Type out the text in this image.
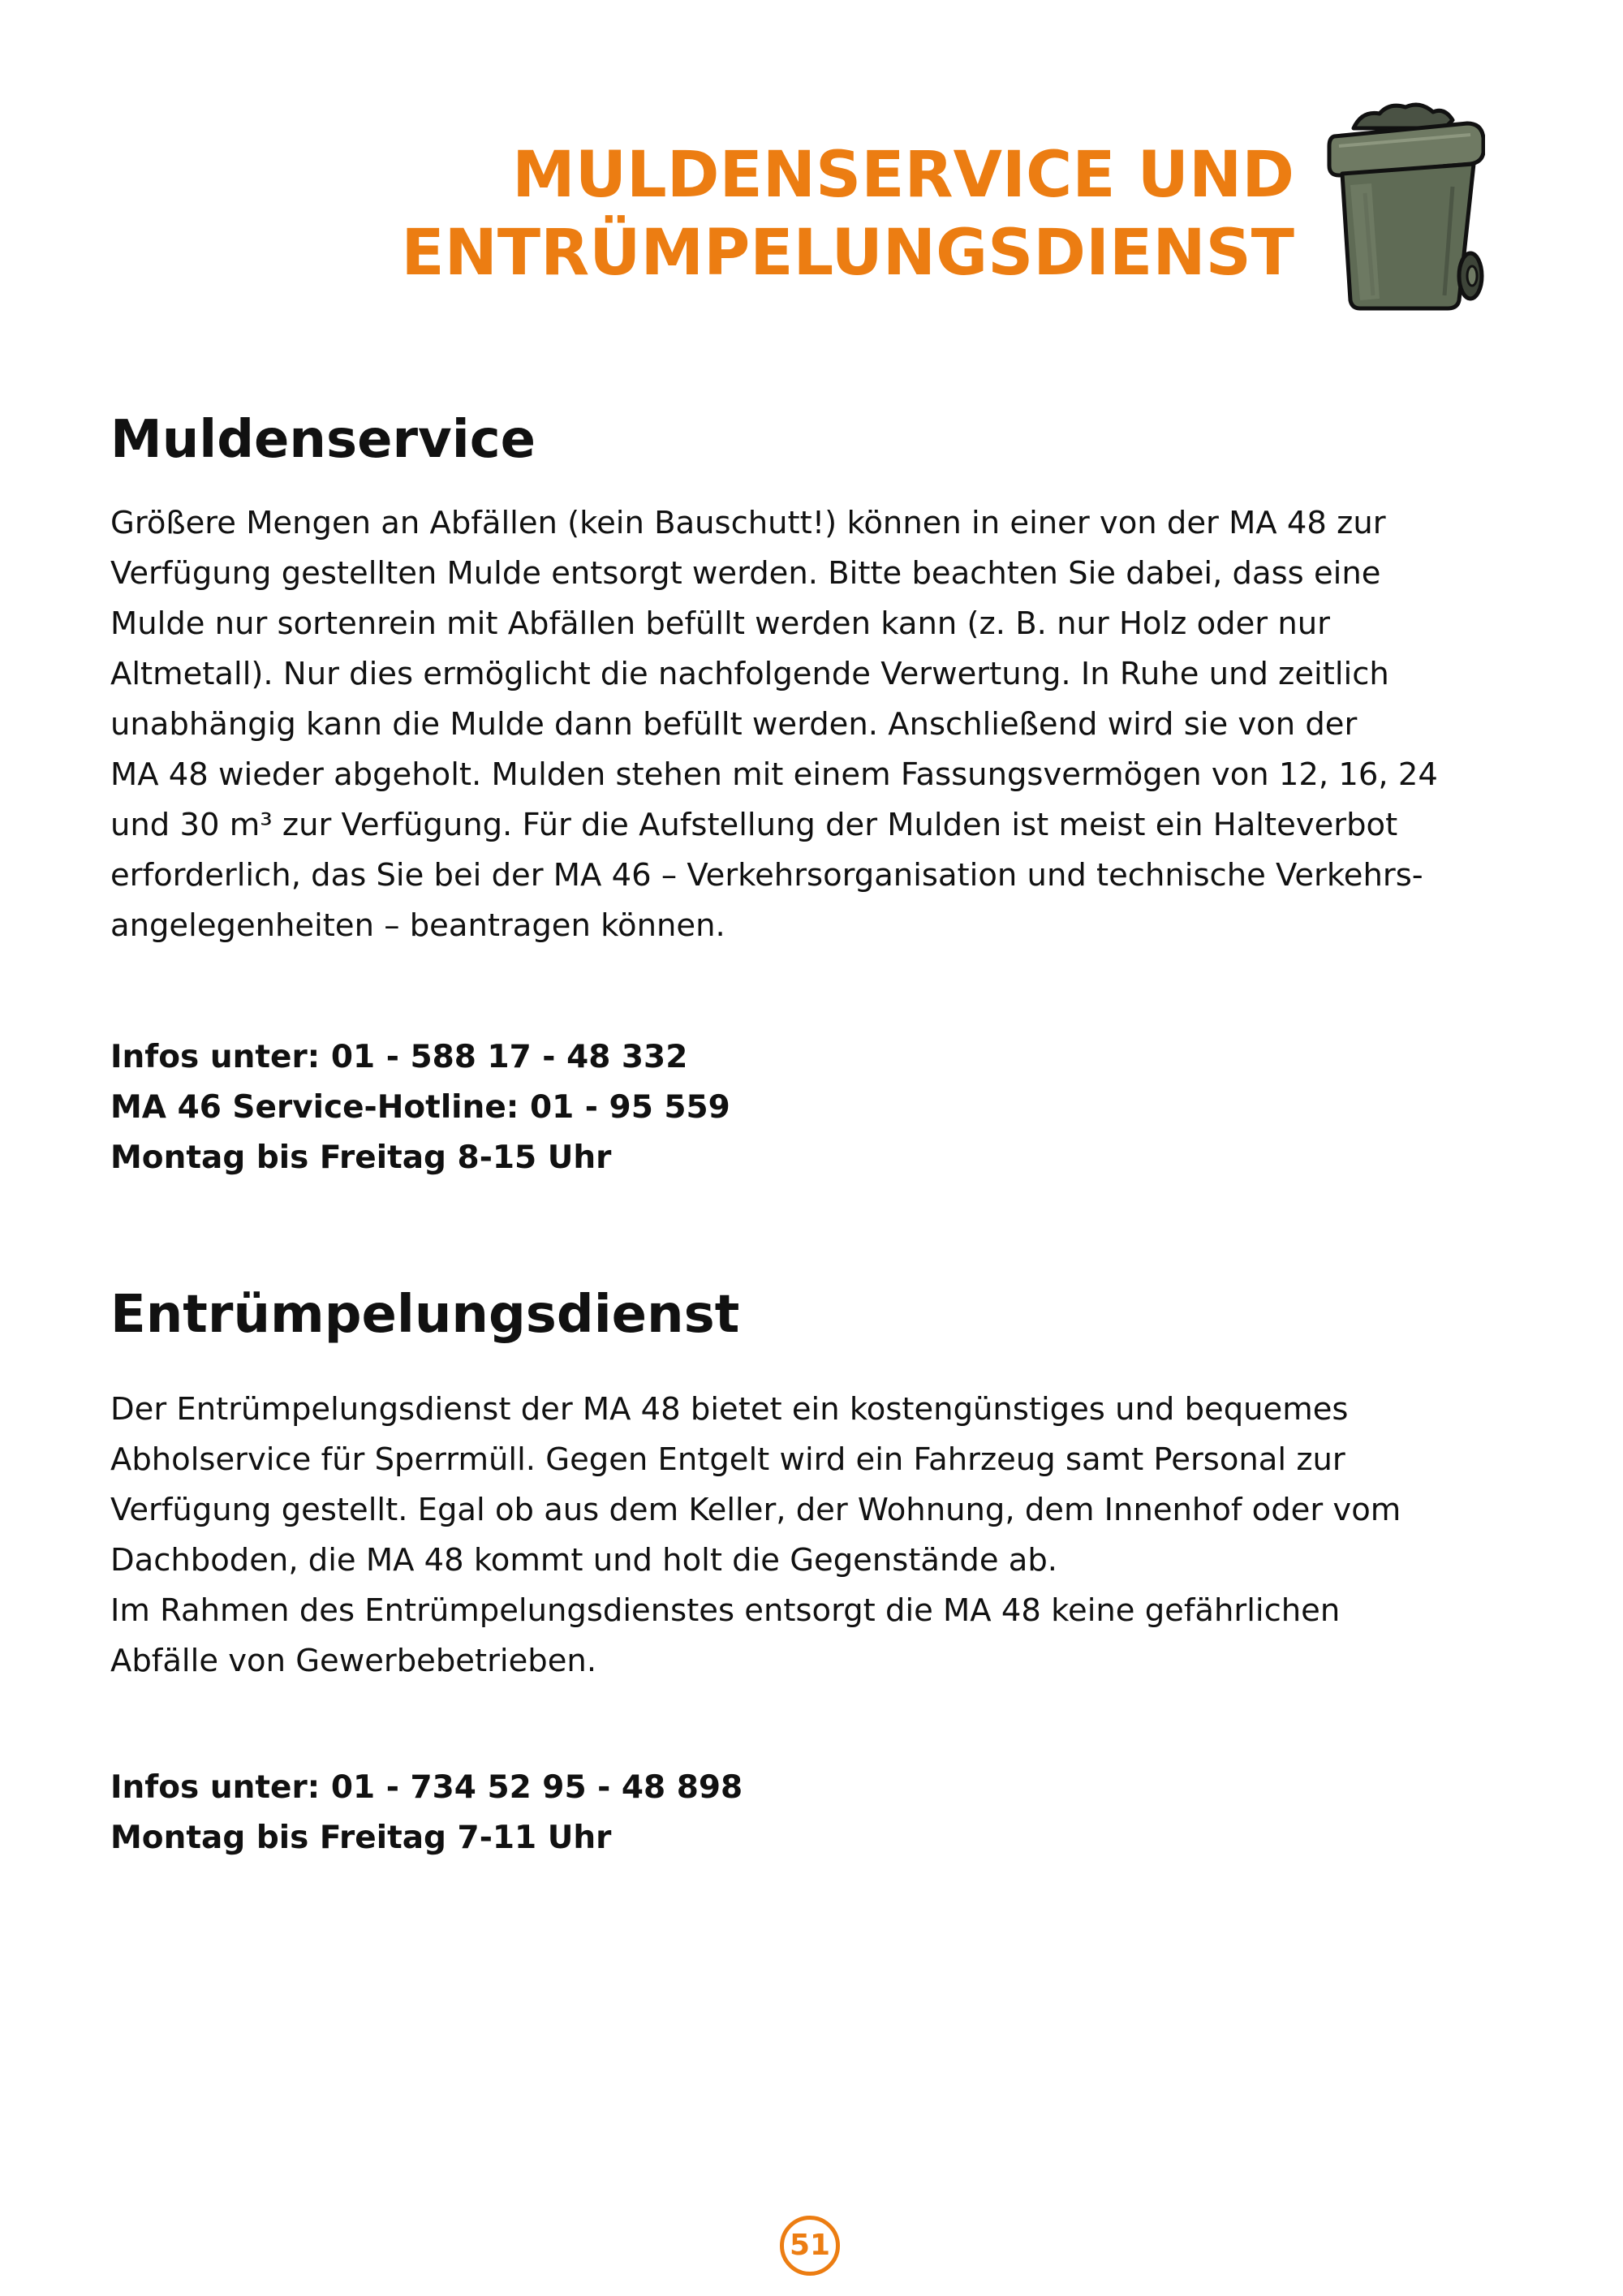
MULDENSERVICE UND
ENTRÜMPELUNGSDIENST
Muldenservice

Größere Mengen an Abfällen (kein Bauschutt!) können in einer von der MA 48 zur
Verfügung gestellten Mulde entsorgt werden. Bitte beachten Sie dabei, dass eine
Mulde nur sortenrein mit Abfällen befüllt werden kann (z. B. nur Holz oder nur
Altmetall). Nur dies ermöglicht die nachfolgende Verwertung. In Ruhe und zeitlich
unabhängig kann die Mulde dann befüllt werden. Anschließend wird sie von der
MA 48 wieder abgeholt. Mulden stehen mit einem Fassungsvermögen von 12, 16, 24
und 30 m³ zur Verfügung. Für die Aufstellung der Mulden ist meist ein Halteverbot
erforderlich, das Sie bei der MA 46 – Verkehrsorganisation und technische Verkehrs-
angelegenheiten – beantragen können.

Infos unter: 01 - 588 17 - 48 332
MA 46 Service-Hotline: 01 - 95 559
Montag bis Freitag 8-15 Uhr
Entrümpelungsdienst

Der Entrümpelungsdienst der MA 48 bietet ein kostengünstiges und bequemes
Abholservice für Sperrmüll. Gegen Entgelt wird ein Fahrzeug samt Personal zur
Verfügung gestellt. Egal ob aus dem Keller, der Wohnung, dem Innenhof oder vom
Dachboden, die MA 48 kommt und holt die Gegenstände ab.
Im Rahmen des Entrümpelungsdienstes entsorgt die MA 48 keine gefährlichen
Abfälle von Gewerbebetrieben.

Infos unter: 01 - 734 52 95 - 48 898
Montag bis Freitag 7-11 Uhr
51
